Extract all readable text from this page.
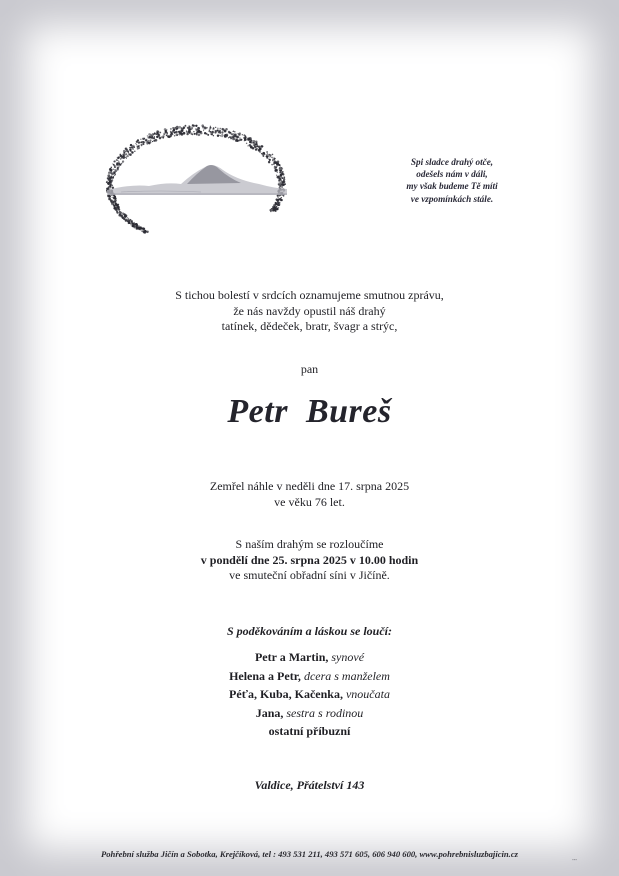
Spi sladce drahý otče,
odešels nám v dáli,
my však budeme Tě míti
ve vzpomínkách stále.
S tichou bolestí v srdcích oznamujeme smutnou zprávu,
že nás navždy opustil náš drahý
tatínek, dědeček, bratr, švagr a strýc,
pan
Petr  Bureš
Zemřel náhle v neděli dne 17. srpna 2025
ve věku 76 let.
S naším drahým se rozloučíme
v pondělí dne 25. srpna 2025 v 10.00 hodin
ve smuteční obřadní síni v Jičíně.
S poděkováním a láskou se loučí:
Petr a Martin, synové
Helena a Petr, dcera s manželem
Péťa, Kuba, Kačenka, vnoučata
Jana, sestra s rodinou
ostatní příbuzní
Valdice, Přátelství 143
Pohřební služba Jičín a Sobotka, Krejčíková, tel : 493 531 211, 493 571 605, 606 940 600, www.pohrebnisluzbajicin.cz
▪▪▪
